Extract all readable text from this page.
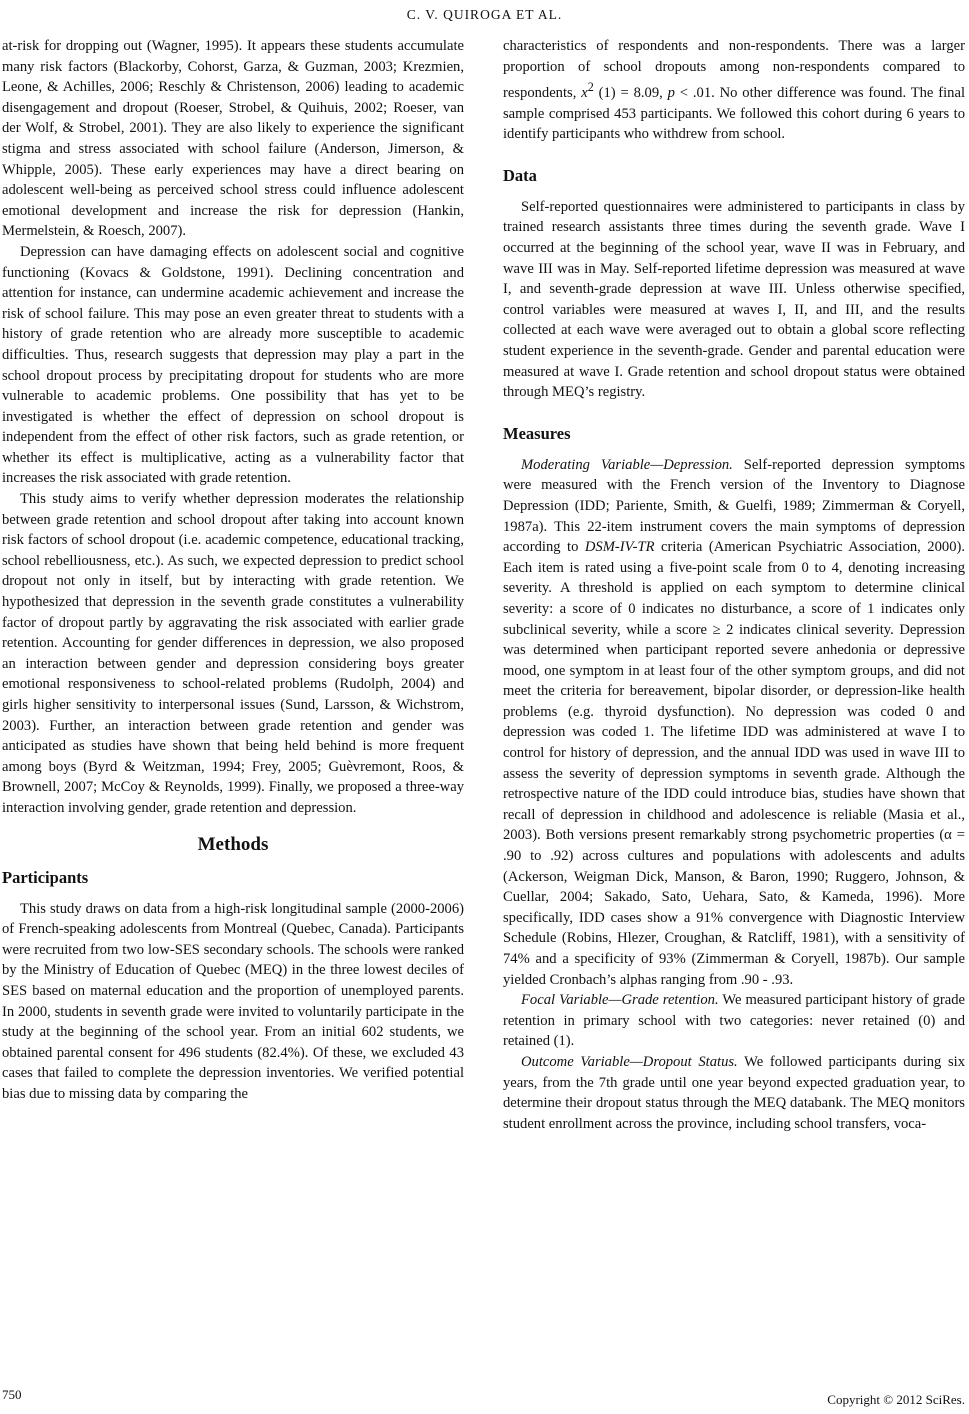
C. V. QUIROGA ET AL.

at-risk for dropping out (Wagner, 1995). It appears these students accumulate many risk factors (Blackorby, Cohorst, Garza, & Guzman, 2003; Krezmien, Leone, & Achilles, 2006; Reschly & Christenson, 2006) leading to academic disengagement and dropout (Roeser, Strobel, & Quihuis, 2002; Roeser, van der Wolf, & Strobel, 2001). They are also likely to experience the significant stigma and stress associated with school failure (Anderson, Jimerson, & Whipple, 2005). These early experiences may have a direct bearing on adolescent well-being as perceived school stress could influence adolescent emotional development and increase the risk for depression (Hankin, Mermelstein, & Roesch, 2007).

Depression can have damaging effects on adolescent social and cognitive functioning (Kovacs & Goldstone, 1991). Declining concentration and attention for instance, can undermine academic achievement and increase the risk of school failure. This may pose an even greater threat to students with a history of grade retention who are already more susceptible to academic difficulties. Thus, research suggests that depression may play a part in the school dropout process by precipitating dropout for students who are more vulnerable to academic problems. One possibility that has yet to be investigated is whether the effect of depression on school dropout is independent from the effect of other risk factors, such as grade retention, or whether its effect is multiplicative, acting as a vulnerability factor that increases the risk associated with grade retention.

This study aims to verify whether depression moderates the relationship between grade retention and school dropout after taking into account known risk factors of school dropout (i.e. academic competence, educational tracking, school rebelliousness, etc.). As such, we expected depression to predict school dropout not only in itself, but by interacting with grade retention. We hypothesized that depression in the seventh grade constitutes a vulnerability factor of dropout partly by aggravating the risk associated with earlier grade retention. Accounting for gender differences in depression, we also proposed an interaction between gender and depression considering boys greater emotional responsiveness to school-related problems (Rudolph, 2004) and girls higher sensitivity to interpersonal issues (Sund, Larsson, & Wichstrom, 2003). Further, an interaction between grade retention and gender was anticipated as studies have shown that being held behind is more frequent among boys (Byrd & Weitzman, 1994; Frey, 2005; Guèvremont, Roos, & Brownell, 2007; McCoy & Reynolds, 1999). Finally, we proposed a three-way interaction involving gender, grade retention and depression.

Methods
Participants

This study draws on data from a high-risk longitudinal sample (2000-2006) of French-speaking adolescents from Montreal (Quebec, Canada). Participants were recruited from two low-SES secondary schools. The schools were ranked by the Ministry of Education of Quebec (MEQ) in the three lowest deciles of SES based on maternal education and the proportion of unemployed parents. In 2000, students in seventh grade were invited to voluntarily participate in the study at the beginning of the school year. From an initial 602 students, we obtained parental consent for 496 students (82.4%). Of these, we excluded 43 cases that failed to complete the depression inventories. We verified potential bias due to missing data by comparing the

characteristics of respondents and non-respondents. There was a larger proportion of school dropouts among non-respondents compared to respondents, $x^2$ (1) = 8.09, p < .01. No other difference was found. The final sample comprised 453 participants. We followed this cohort during 6 years to identify participants who withdrew from school.

Data

Self-reported questionnaires were administered to participants in class by trained research assistants three times during the seventh grade. Wave I occurred at the beginning of the school year, wave II was in February, and wave III was in May. Self-reported lifetime depression was measured at wave I, and seventh-grade depression at wave III. Unless otherwise specified, control variables were measured at waves I, II, and III, and the results collected at each wave were averaged out to obtain a global score reflecting student experience in the seventh-grade. Gender and parental education were measured at wave I. Grade retention and school dropout status were obtained through MEQ’s registry.

Measures

Moderating Variable—Depression. Self-reported depression symptoms were measured with the French version of the Inventory to Diagnose Depression (IDD; Pariente, Smith, & Guelfi, 1989; Zimmerman & Coryell, 1987a). This 22-item instrument covers the main symptoms of depression according to DSM-IV-TR criteria (American Psychiatric Association, 2000). Each item is rated using a five-point scale from 0 to 4, denoting increasing severity. A threshold is applied on each symptom to determine clinical severity: a score of 0 indicates no disturbance, a score of 1 indicates only subclinical severity, while a score ≥ 2 indicates clinical severity. Depression was determined when participant reported severe anhedonia or depressive mood, one symptom in at least four of the other symptom groups, and did not meet the criteria for bereavement, bipolar disorder, or depression-like health problems (e.g. thyroid dysfunction). No depression was coded 0 and depression was coded 1. The lifetime IDD was administered at wave I to control for history of depression, and the annual IDD was used in wave III to assess the severity of depression symptoms in seventh grade. Although the retrospective nature of the IDD could introduce bias, studies have shown that recall of depression in childhood and adolescence is reliable (Masia et al., 2003). Both versions present remarkably strong psychometric properties (α = .90 to .92) across cultures and populations with adolescents and adults (Ackerson, Weigman Dick, Manson, & Baron, 1990; Ruggero, Johnson, & Cuellar, 2004; Sakado, Sato, Uehara, Sato, & Kameda, 1996). More specifically, IDD cases show a 91% convergence with Diagnostic Interview Schedule (Robins, Hlezer, Croughan, & Ratcliff, 1981), with a sensitivity of 74% and a specificity of 93% (Zimmerman & Coryell, 1987b). Our sample yielded Cronbach’s alphas ranging from .90 - .93.

Focal Variable—Grade retention. We measured participant history of grade retention in primary school with two categories: never retained (0) and retained (1).

Outcome Variable—Dropout Status. We followed participants during six years, from the 7th grade until one year beyond expected graduation year, to determine their dropout status through the MEQ databank. The MEQ monitors student enrollment across the province, including school transfers, voca-

750	Copyright © 2012 SciRes.
